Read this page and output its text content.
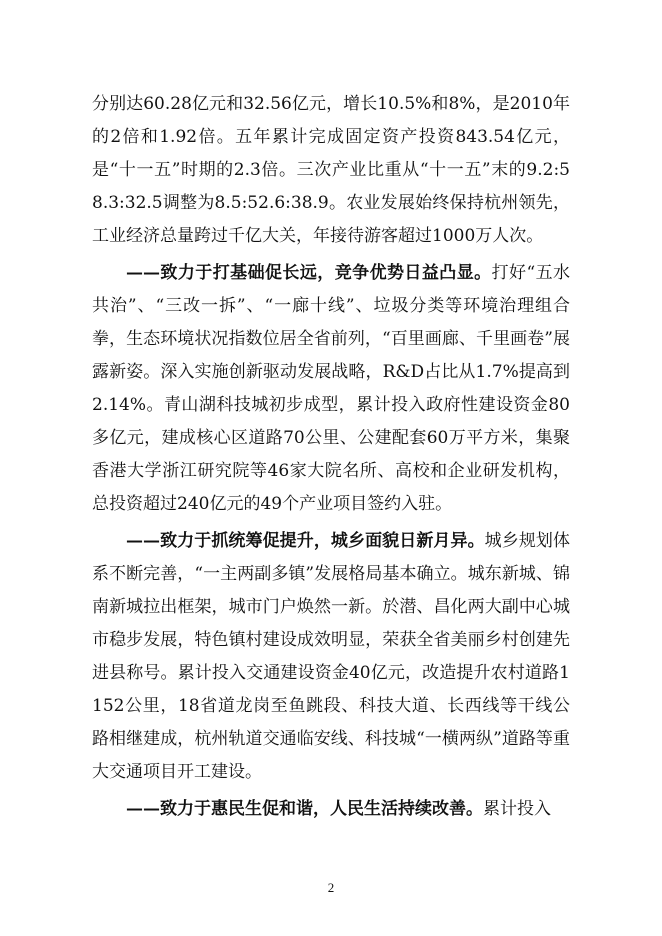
分别达60.28亿元和32.56亿元，增长10.5%和8%，是2010年的2倍和1.92倍。五年累计完成固定资产投资843.54亿元，是“十一五”时期的2.3倍。三次产业比重从“十一五”末的9.2:58.3:32.5调整为8.5:52.6:38.9。农业发展始终保持杭州领先，工业经济总量跨过千亿大关，年接待游客超过1000万人次。

——致力于打基础促长远，竞争优势日益凸显。打好“五水共治”、“三改一拆”、“一廊十线”、垃圾分类等环境治理组合拳，生态环境状况指数位居全省前列，“百里画廊、千里画卷”展露新姿。深入实施创新驱动发展战略，R&D占比从1.7%提高到2.14%。青山湖科技城初步成型，累计投入政府性建设资金80多亿元，建成核心区道路70公里、公建配套60万平方米，集聚香港大学浙江研究院等46家大院名所、高校和企业研发机构，总投资超过240亿元的49个产业项目签约入驻。

——致力于抓统筹促提升，城乡面貌日新月异。城乡规划体系不断完善，“一主两副多镇”发展格局基本确立。城东新城、锦南新城拉出框架，城市门户焕然一新。於潜、昌化两大副中心城市稳步发展，特色镇村建设成效明显，荣获全省美丽乡村创建先进县称号。累计投入交通建设资金40亿元，改造提升农村道路1152公里，18省道龙岗至鱼跳段、科技大道、长西线等干线公路相继建成，杭州轨道交通临安线、科技城“一横两纵”道路等重大交通项目开工建设。

——致力于惠民生促和谐，人民生活持续改善。累计投入

2
